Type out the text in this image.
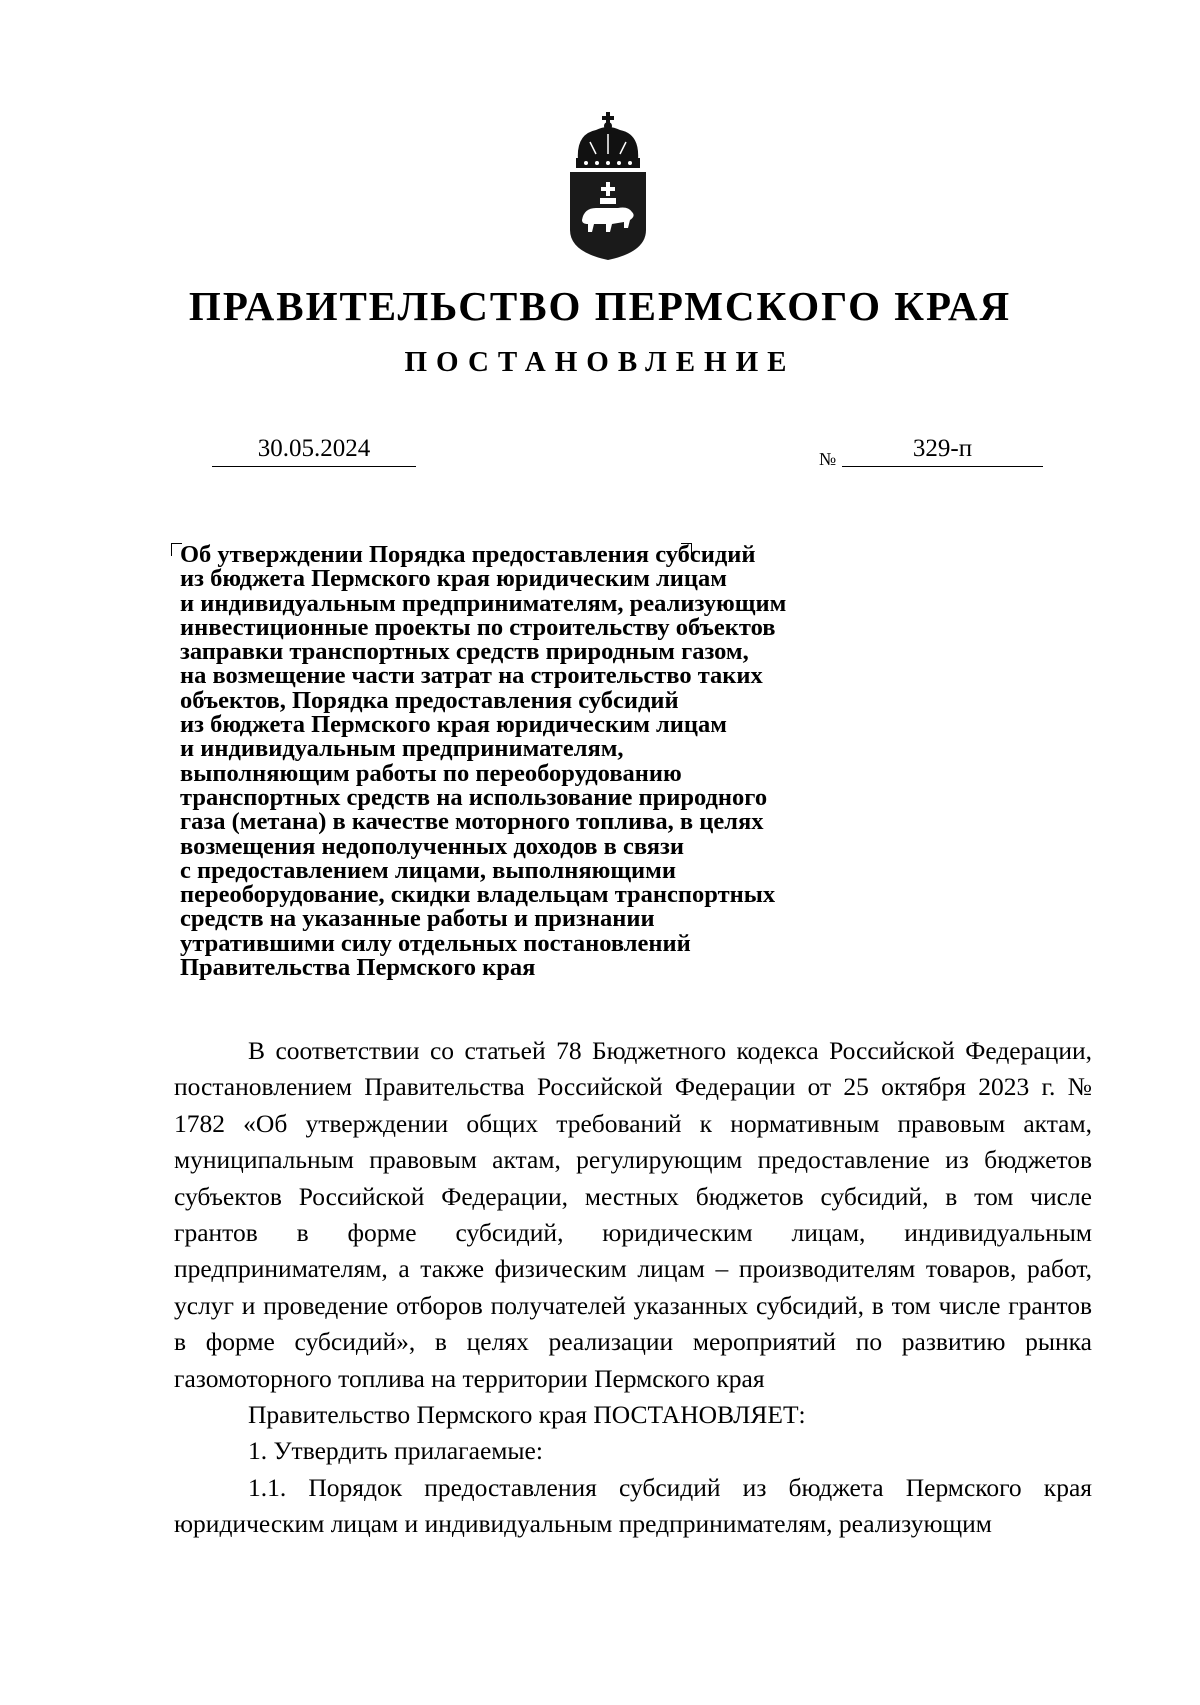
ПРАВИТЕЛЬСТВО ПЕРМСКОГО КРАЯ
ПОСТАНОВЛЕНИЕ
30.05.2024	№	329-п
Об утверждении Порядка предоставления субсидий
из бюджета Пермского края юридическим лицам
и индивидуальным предпринимателям, реализующим
инвестиционные проекты по строительству объектов
заправки транспортных средств природным газом,
на возмещение части затрат на строительство таких
объектов, Порядка предоставления субсидий
из бюджета Пермского края юридическим лицам
и индивидуальным предпринимателям,
выполняющим работы по переоборудованию
транспортных средств на использование природного
газа (метана) в качестве моторного топлива, в целях
возмещения недополученных доходов в связи
с предоставлением лицами, выполняющими
переоборудование, скидки владельцам транспортных
средств на указанные работы и признании
утратившими силу отдельных постановлений
Правительства Пермского края

В соответствии со статьей 78 Бюджетного кодекса Российской Федерации, постановлением Правительства Российской Федерации от 25 октября 2023 г. № 1782 «Об утверждении общих требований к нормативным правовым актам, муниципальным правовым актам, регулирующим предоставление из бюджетов субъектов Российской Федерации, местных бюджетов субсидий, в том числе грантов в форме субсидий, юридическим лицам, индивидуальным предпринимателям, а также физическим лицам – производителям товаров, работ, услуг и проведение отборов получателей указанных субсидий, в том числе грантов в форме субсидий», в целях реализации мероприятий по развитию рынка газомоторного топлива на территории Пермского края

Правительство Пермского края ПОСТАНОВЛЯЕТ:

1. Утвердить прилагаемые:

1.1. Порядок предоставления субсидий из бюджета Пермского края юридическим лицам и индивидуальным предпринимателям, реализующим
